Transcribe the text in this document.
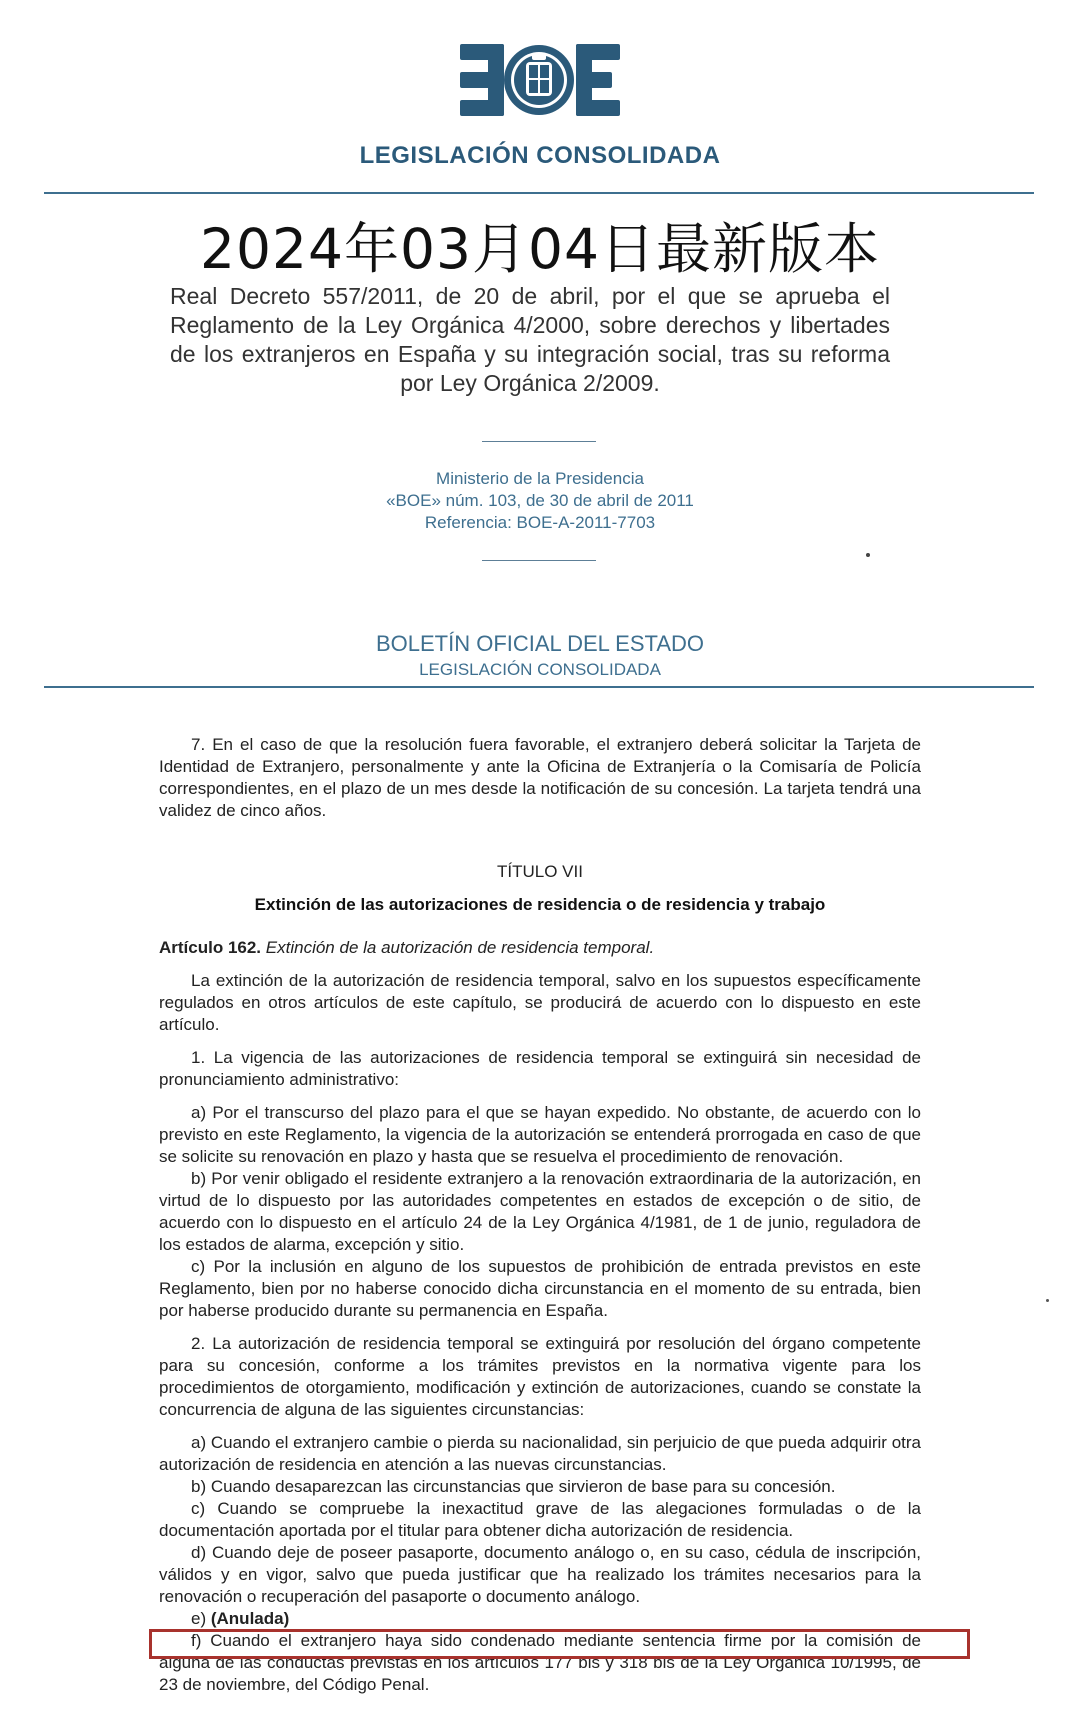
LEGISLACIÓN CONSOLIDADA
2024年03月04日最新版本
Real Decreto 557/2011, de 20 de abril, por el que se aprueba el Reglamento de la Ley Orgánica 4/2000, sobre derechos y libertades de los extranjeros en España y su integración social, tras su reforma por Ley Orgánica 2/2009.
Ministerio de la Presidencia
«BOE» núm. 103, de 30 de abril de 2011
Referencia: BOE-A-2011-7703
BOLETÍN OFICIAL DEL ESTADO
LEGISLACIÓN CONSOLIDADA

7. En el caso de que la resolución fuera favorable, el extranjero deberá solicitar la Tarjeta de Identidad de Extranjero, personalmente y ante la Oficina de Extranjería o la Comisaría de Policía correspondientes, en el plazo de un mes desde la notificación de su concesión. La tarjeta tendrá una validez de cinco años.

TÍTULO VII
Extinción de las autorizaciones de residencia o de residencia y trabajo

Artículo 162. Extinción de la autorización de residencia temporal.

La extinción de la autorización de residencia temporal, salvo en los supuestos específicamente regulados en otros artículos de este capítulo, se producirá de acuerdo con lo dispuesto en este artículo.

1. La vigencia de las autorizaciones de residencia temporal se extinguirá sin necesidad de pronunciamiento administrativo:

a) Por el transcurso del plazo para el que se hayan expedido. No obstante, de acuerdo con lo previsto en este Reglamento, la vigencia de la autorización se entenderá prorrogada en caso de que se solicite su renovación en plazo y hasta que se resuelva el procedimiento de renovación.

b) Por venir obligado el residente extranjero a la renovación extraordinaria de la autorización, en virtud de lo dispuesto por las autoridades competentes en estados de excepción o de sitio, de acuerdo con lo dispuesto en el artículo 24 de la Ley Orgánica 4/1981, de 1 de junio, reguladora de los estados de alarma, excepción y sitio.

c) Por la inclusión en alguno de los supuestos de prohibición de entrada previstos en este Reglamento, bien por no haberse conocido dicha circunstancia en el momento de su entrada, bien por haberse producido durante su permanencia en España.

2. La autorización de residencia temporal se extinguirá por resolución del órgano competente para su concesión, conforme a los trámites previstos en la normativa vigente para los procedimientos de otorgamiento, modificación y extinción de autorizaciones, cuando se constate la concurrencia de alguna de las siguientes circunstancias:

a) Cuando el extranjero cambie o pierda su nacionalidad, sin perjuicio de que pueda adquirir otra autorización de residencia en atención a las nuevas circunstancias.

b) Cuando desaparezcan las circunstancias que sirvieron de base para su concesión.

c) Cuando se compruebe la inexactitud grave de las alegaciones formuladas o de la documentación aportada por el titular para obtener dicha autorización de residencia.

d) Cuando deje de poseer pasaporte, documento análogo o, en su caso, cédula de inscripción, válidos y en vigor, salvo que pueda justificar que ha realizado los trámites necesarios para la renovación o recuperación del pasaporte o documento análogo.

e) (Anulada)

f) Cuando el extranjero haya sido condenado mediante sentencia firme por la comisión de alguna de las conductas previstas en los artículos 177 bis y 318 bis de la Ley Orgánica 10/1995, de 23 de noviembre, del Código Penal.
